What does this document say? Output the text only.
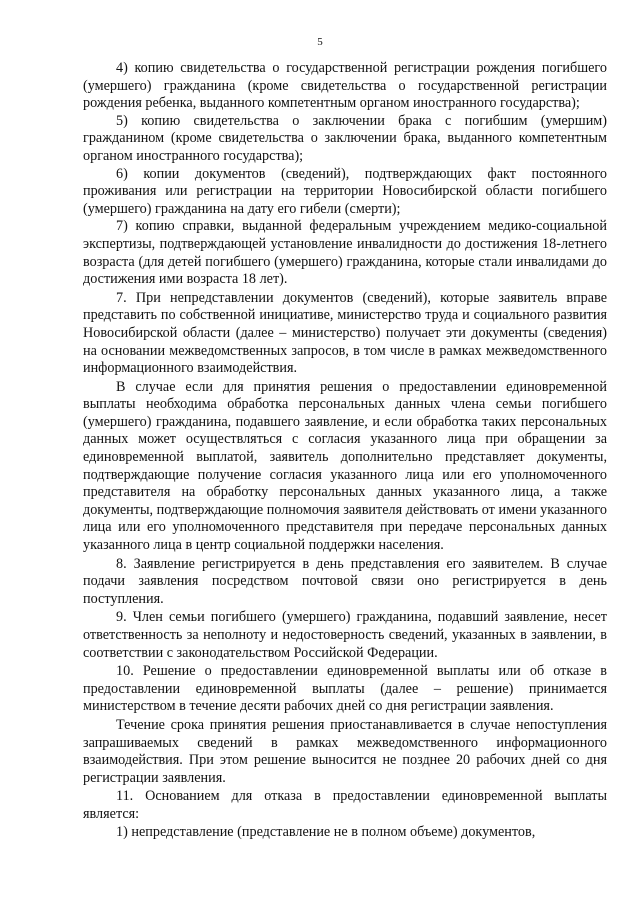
5

4) копию свидетельства о государственной регистрации рождения погибшего (умершего) гражданина (кроме свидетельства о государственной регистрации рождения ребенка, выданного компетентным органом иностранного государства);

5) копию свидетельства о заключении брака с погибшим (умершим) гражданином (кроме свидетельства о заключении брака, выданного компетентным органом иностранного государства);

6) копии документов (сведений), подтверждающих факт постоянного проживания или регистрации на территории Новосибирской области погибшего (умершего) гражданина на дату его гибели (смерти);

7) копию справки, выданной федеральным учреждением медико-социальной экспертизы, подтверждающей установление инвалидности до достижения 18-летнего возраста (для детей погибшего (умершего) гражданина, которые стали инвалидами до достижения ими возраста 18 лет).

7. При непредставлении документов (сведений), которые заявитель вправе представить по собственной инициативе, министерство труда и социального развития Новосибирской области (далее – министерство) получает эти документы (сведения) на основании межведомственных запросов, в том числе в рамках межведомственного информационного взаимодействия.

В случае если для принятия решения о предоставлении единовременной выплаты необходима обработка персональных данных члена семьи погибшего (умершего) гражданина, подавшего заявление, и если обработка таких персональных данных может осуществляться с согласия указанного лица при обращении за единовременной выплатой, заявитель дополнительно представляет документы, подтверждающие получение согласия указанного лица или его уполномоченного представителя на обработку персональных данных указанного лица, а также документы, подтверждающие полномочия заявителя действовать от имени указанного лица или его уполномоченного представителя при передаче персональных данных указанного лица в центр социальной поддержки населения.

8. Заявление регистрируется в день представления его заявителем. В случае подачи заявления посредством почтовой связи оно регистрируется в день поступления.

9. Член семьи погибшего (умершего) гражданина, подавший заявление, несет ответственность за неполноту и недостоверность сведений, указанных в заявлении, в соответствии с законодательством Российской Федерации.

10. Решение о предоставлении единовременной выплаты или об отказе в предоставлении единовременной выплаты (далее – решение) принимается министерством в течение десяти рабочих дней со дня регистрации заявления.

Течение срока принятия решения приостанавливается в случае непоступления запрашиваемых сведений в рамках межведомственного информационного взаимодействия. При этом решение выносится не позднее 20 рабочих дней со дня регистрации заявления.

11. Основанием для отказа в предоставлении единовременной выплаты является:

1) непредставление (представление не в полном объеме) документов,
